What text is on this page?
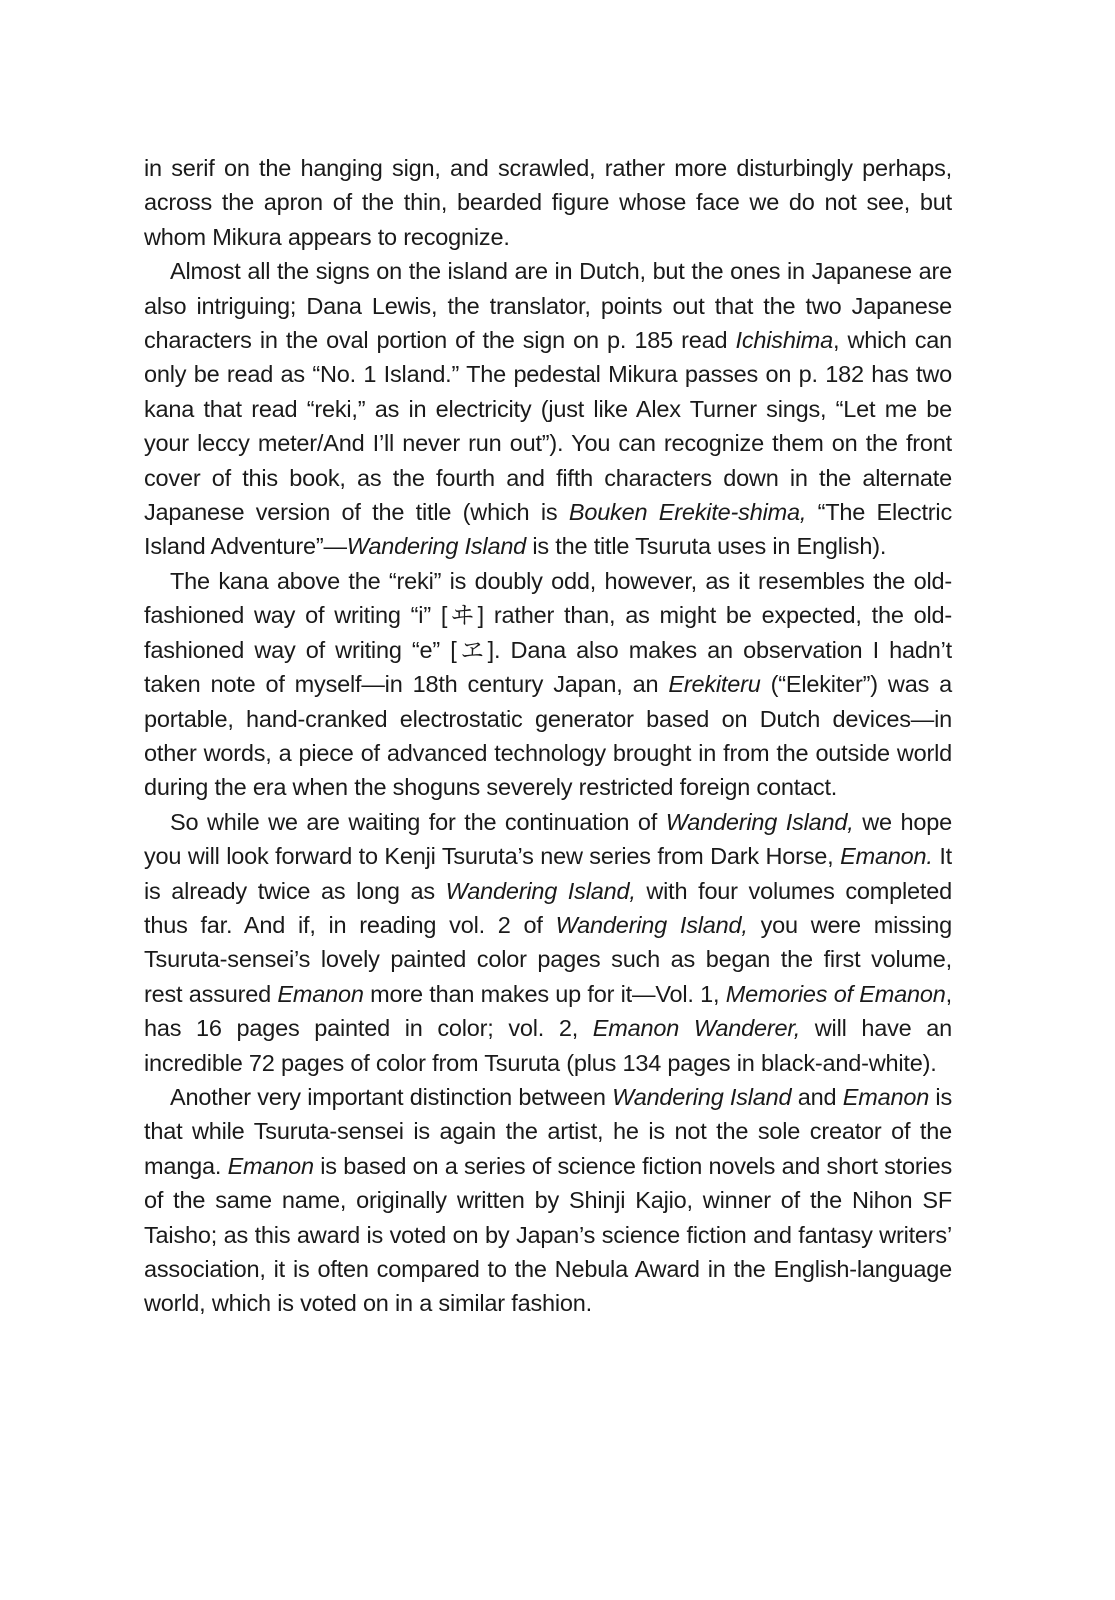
in serif on the hanging sign, and scrawled, rather more disturbingly perhaps, across the apron of the thin, bearded figure whose face we do not see, but whom Mikura appears to recognize.

Almost all the signs on the island are in Dutch, but the ones in Japanese are also intriguing; Dana Lewis, the translator, points out that the two Japanese characters in the oval portion of the sign on p. 185 read Ichishima, which can only be read as “No. 1 Island.” The pedestal Mikura passes on p. 182 has two kana that read “reki,” as in electricity (just like Alex Turner sings, “Let me be your leccy meter/And I’ll never run out”). You can recognize them on the front cover of this book, as the fourth and fifth characters down in the alternate Japanese version of the title (which is Bouken Erekite-shima, “The Electric Island Adventure”—Wandering Island is the title Tsuruta uses in English).

The kana above the “reki” is doubly odd, however, as it resembles the old-fashioned way of writing “i” [ヰ] rather than, as might be expected, the old-fashioned way of writing “e” [ヱ]. Dana also makes an observation I hadn’t taken note of myself—in 18th century Japan, an Erekiteru (“Elekiter”) was a portable, hand-cranked electrostatic generator based on Dutch devices—in other words, a piece of advanced technology brought in from the outside world during the era when the shoguns severely restricted foreign contact.

So while we are waiting for the continuation of Wandering Island, we hope you will look forward to Kenji Tsuruta’s new series from Dark Horse, Emanon. It is already twice as long as Wandering Island, with four volumes completed thus far. And if, in reading vol. 2 of Wandering Island, you were missing Tsuruta-sensei’s lovely painted color pages such as began the first volume, rest assured Emanon more than makes up for it—Vol. 1, Memories of Emanon, has 16 pages painted in color; vol. 2, Emanon Wanderer, will have an incredible 72 pages of color from Tsuruta (plus 134 pages in black-and-white).

Another very important distinction between Wandering Island and Emanon is that while Tsuruta-sensei is again the artist, he is not the sole creator of the manga. Emanon is based on a series of science fiction novels and short stories of the same name, originally written by Shinji Kajio, winner of the Nihon SF Taisho; as this award is voted on by Japan’s science fiction and fantasy writers’ association, it is often compared to the Nebula Award in the English-language world, which is voted on in a similar fashion.
